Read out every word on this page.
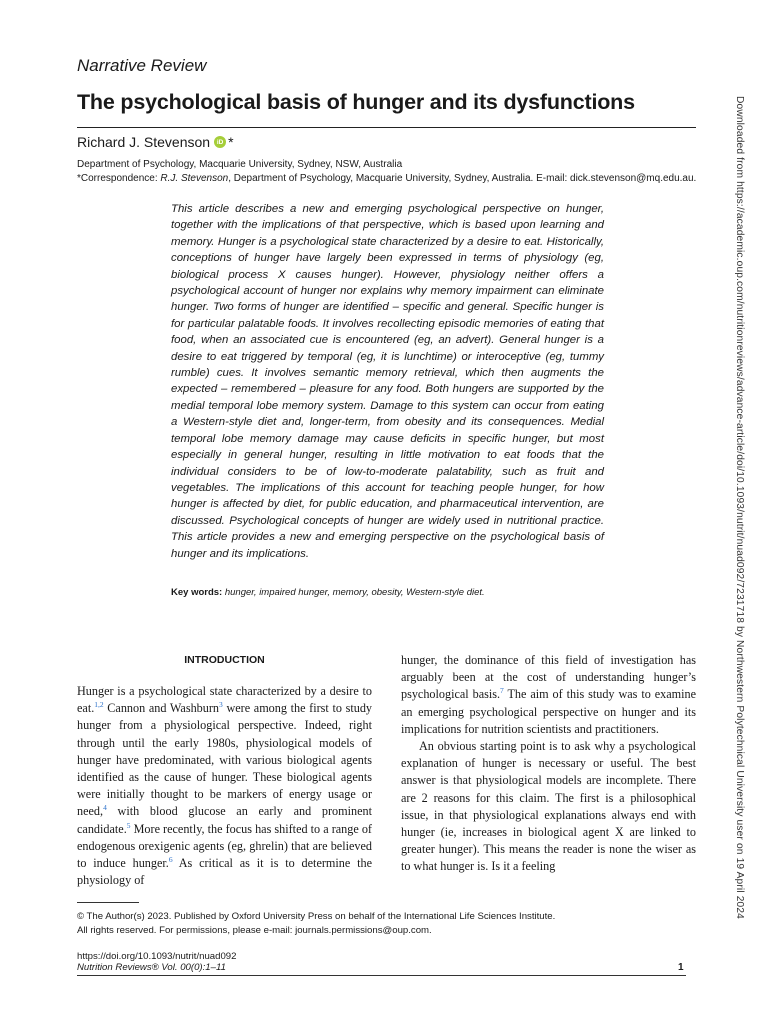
Narrative Review
The psychological basis of hunger and its dysfunctions
Richard J. Stevenson	iD *
Department of Psychology, Macquarie University, Sydney, NSW, Australia
*Correspondence: R.J. Stevenson, Department of Psychology, Macquarie University, Sydney, Australia. E-mail: dick.stevenson@mq.edu.au.

This article describes a new and emerging psychological perspective on hunger, together with the implications of that perspective, which is based upon learning and memory. Hunger is a psychological state characterized by a desire to eat. Historically, conceptions of hunger have largely been expressed in terms of physiology (eg, biological process X causes hunger). However, physiology neither offers a psychological account of hunger nor explains why memory impairment can eliminate hunger. Two forms of hunger are identified – specific and general. Specific hunger is for particular palatable foods. It involves recollecting episodic memories of eating that food, when an associated cue is encountered (eg, an advert). General hunger is a desire to eat triggered by temporal (eg, it is lunchtime) or interoceptive (eg, tummy rumble) cues. It involves semantic memory retrieval, which then augments the expected – remembered – pleasure for any food. Both hungers are supported by the medial temporal lobe memory system. Damage to this system can occur from eating a Western-style diet and, longer-term, from obesity and its consequences. Medial temporal lobe memory damage may cause deficits in specific hunger, but most especially in general hunger, resulting in little motivation to eat foods that the individual considers to be of low-to-moderate palatability, such as fruit and vegetables. The implications of this account for teaching people hunger, for how hunger is affected by diet, for public education, and pharmaceutical intervention, are discussed. Psychological concepts of hunger are widely used in nutritional practice. This article provides a new and emerging perspective on the psychological basis of hunger and its implications.

Key words: hunger, impaired hunger, memory, obesity, Western-style diet.
INTRODUCTION

Hunger is a psychological state characterized by a desire to eat.$^{1,2}$ Cannon and Washburn$^3$ were among the first to study hunger from a physiological perspective. Indeed, right through until the early 1980s, physiological models of hunger have predominated, with various biological agents identified as the cause of hunger. These biological agents were initially thought to be markers of energy usage or need,$^4$ with blood glucose an early and prominent candidate.$^5$ More recently, the focus has shifted to a range of endogenous orexigenic agents (eg, ghrelin) that are believed to induce hunger.$^6$ As critical as it is to determine the physiology of

hunger, the dominance of this field of investigation has arguably been at the cost of understanding hunger’s psychological basis.$^7$ The aim of this study was to examine an emerging psychological perspective on hunger and its implications for nutrition scientists and practitioners.

An obvious starting point is to ask why a psychological explanation of hunger is necessary or useful. The best answer is that physiological models are incomplete. There are 2 reasons for this claim. The first is a philosophical issue, in that physiological explanations always end with hunger (ie, increases in biological agent X are linked to greater hunger). This means the reader is none the wiser as to what hunger is. Is it a feeling

© The Author(s) 2023. Published by Oxford University Press on behalf of the International Life Sciences Institute.
All rights reserved. For permissions, please e-mail: journals.permissions@oup.com.
https://doi.org/10.1093/nutrit/nuad092
Nutrition Reviews® Vol. 00(0):1–11	1
Downloaded from https://academic.oup.com/nutritionreviews/advance-article/doi/10.1093/nutrit/nuad092/7231718 by Northwestern Polytechnical University user on 19 April 2024
